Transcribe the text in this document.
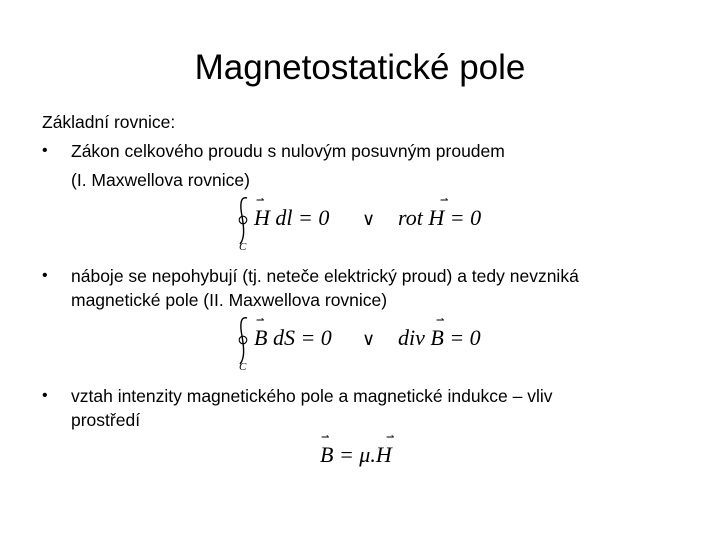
Magnetostatické pole
Základní rovnice:
• Zákon celkového proudu s nulovým posuvným proudem
(I. Maxwellova rovnice)
C
⇀	⇀
H dl = 0 ∨ rot H = 0
• náboje se nepohybují (tj. neteče elektrický proud) a tedy nevzniká
magnetické pole (II. Maxwellova rovnice)
C
⇀	⇀
B dS = 0 ∨ div B = 0
• vztah intenzity magnetického pole a magnetické indukce – vliv
prostředí
⇀	⇀
B = μ.H
